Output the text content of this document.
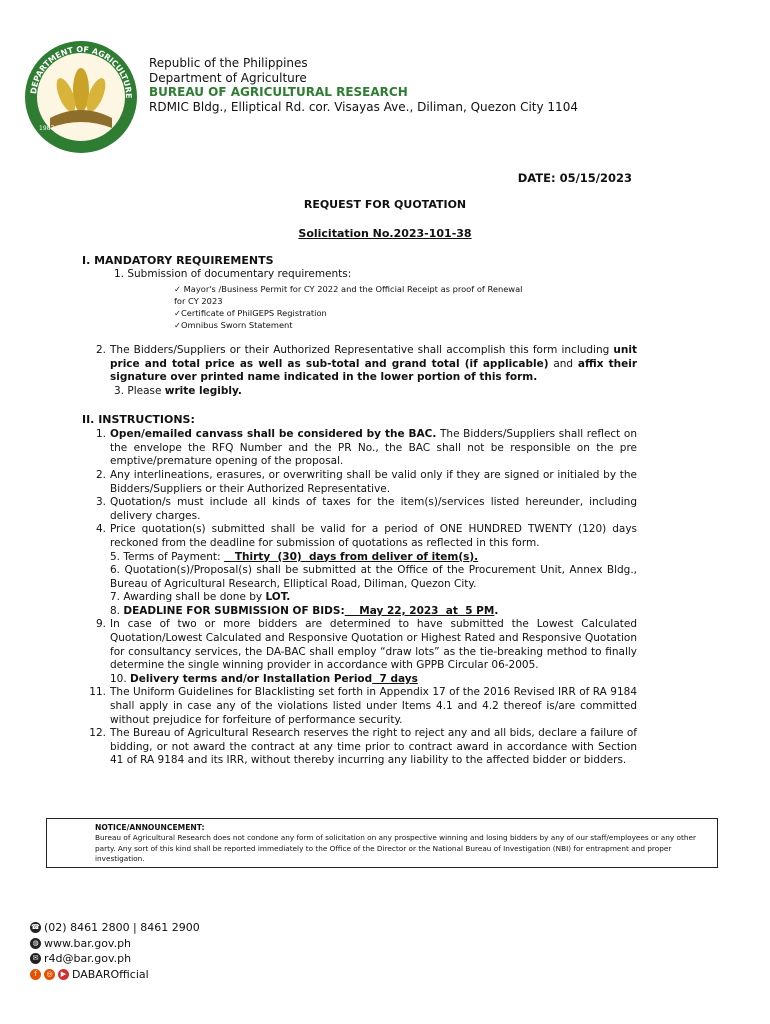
DEPARTMENT OF AGRICULTURE
1987
Republic of the Philippines
Department of Agriculture
BUREAU OF AGRICULTURAL RESEARCH
RDMIC Bldg., Elliptical Rd. cor. Visayas Ave., Diliman, Quezon City 1104
DATE: 05/15/2023
REQUEST FOR QUOTATION
Solicitation No.2023-101-38
I. MANDATORY REQUIREMENTS
1. Submission of documentary requirements:
✓ Mayor's /Business Permit for CY 2022 and the Official Receipt as proof of Renewal
for CY 2023
✓Certificate of PhilGEPS Registration
✓Omnibus Sworn Statement
2. The Bidders/Suppliers or their Authorized Representative shall accomplish this form including unit price and total price as well as sub-total and grand total (if applicable) and affix their signature over printed name indicated in the lower portion of this form.
3. Please write legibly.
II. INSTRUCTIONS:
1. Open/emailed canvass shall be considered by the BAC. The Bidders/Suppliers shall reflect on the envelope the RFQ Number and the PR No., the BAC shall not be responsible on the pre emptive/premature opening of the proposal.
2. Any interlineations, erasures, or overwriting shall be valid only if they are signed or initialed by the Bidders/Suppliers or their Authorized Representative.
3. Quotation/s must include all kinds of taxes for the item(s)/services listed hereunder, including delivery charges.
4. Price quotation(s) submitted shall be valid for a period of ONE HUNDRED TWENTY (120) days reckoned from the deadline for submission of quotations as reflected in this form.
5. Terms of Payment:    Thirty  (30)  days from deliver of item(s).
6. Quotation(s)/Proposal(s) shall be submitted at the Office of the Procurement Unit, Annex Bldg., Bureau of Agricultural Research, Elliptical Road, Diliman, Quezon City.
7. Awarding shall be done by LOT.
8. DEADLINE FOR SUBMISSION OF BIDS:    May 22, 2023  at  5 PM.
9. In case of two or more bidders are determined to have submitted the Lowest Calculated Quotation/Lowest Calculated and Responsive Quotation or Highest Rated and Responsive Quotation for consultancy services, the DA-BAC shall employ “draw lots” as the tie-breaking method to finally determine the single winning provider in accordance with GPPB Circular 06-2005.
10. Delivery terms and/or Installation Period  7 days
11. The Uniform Guidelines for Blacklisting set forth in Appendix 17 of the 2016 Revised IRR of RA 9184 shall apply in case any of the violations listed under Items 4.1 and 4.2 thereof is/are committed without prejudice for forfeiture of performance security.
12. The Bureau of Agricultural Research reserves the right to reject any and all bids, declare a failure of bidding, or not award the contract at any time prior to contract award in accordance with Section 41 of RA 9184 and its IRR, without thereby incurring any liability to the affected bidder or bidders.
NOTICE/ANNOUNCEMENT:
Bureau of Agricultural Research does not condone any form of solicitation on any prospective winning and losing bidders by any of our staff/employees or any other party. Any sort of this kind shall be reported immediately to the Office of the Director or the National Bureau of Investigation (NBI) for entrapment and proper investigation.
☎ (02) 8461 2800 | 8461 2900
◍ www.bar.gov.ph
✉ r4d@bar.gov.ph
f	◎	▶ DABAROfficial
